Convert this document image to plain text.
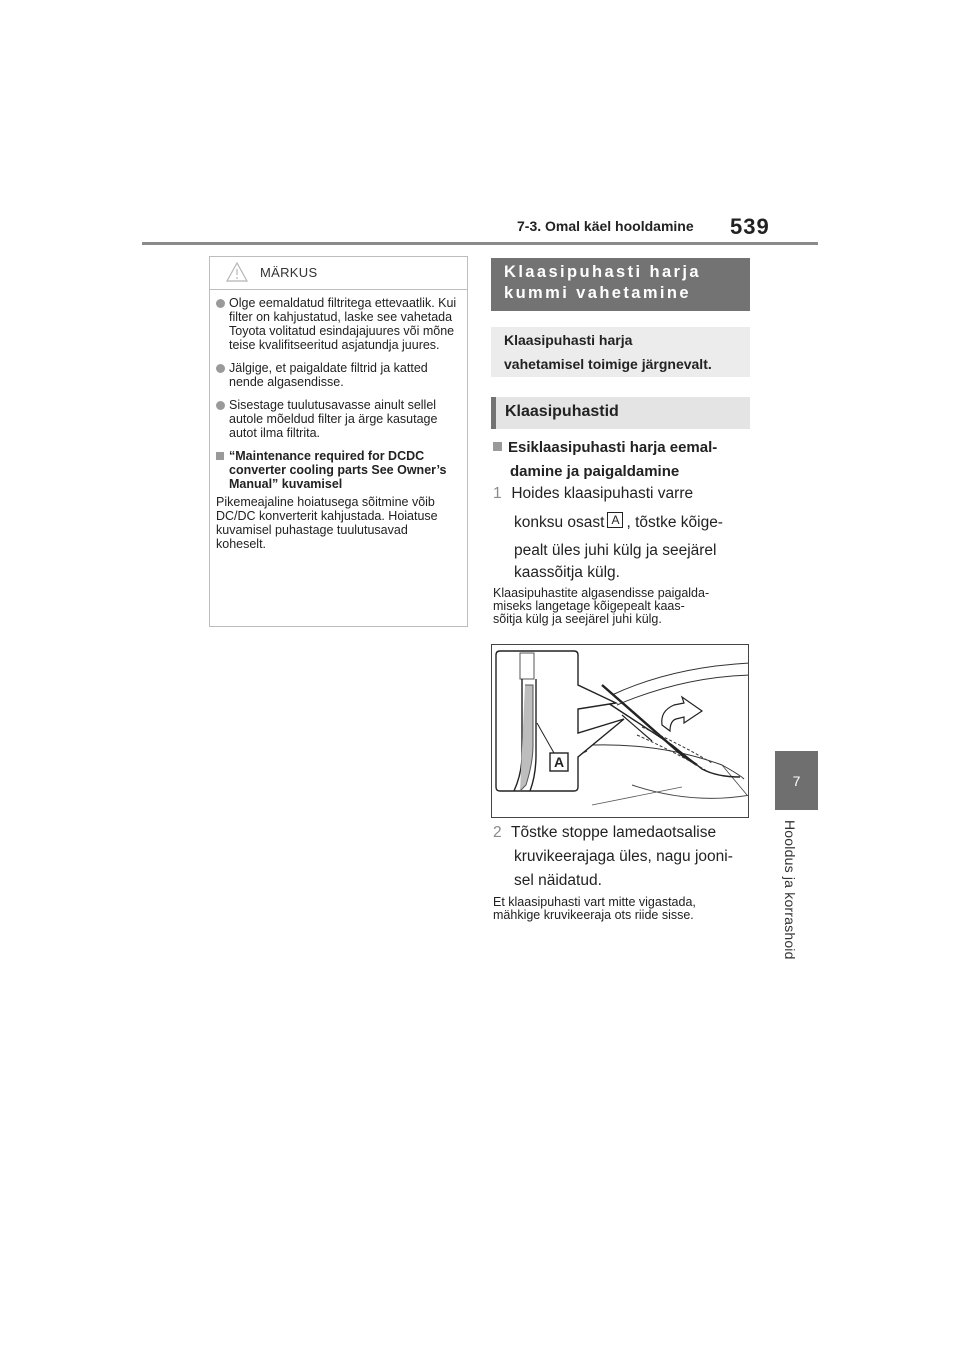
7-3. Omal käel hooldamine 539
7
Hooldus ja korrashoid
MÄRKUS
Olge eemaldatud filtritega ettevaatlik. Kui filter on kahjustatud, laske see vahetada Toyota volitatud esindajajuures või mõne teise kvalifitseeritud asjatundja juures.
Jälgige, et paigaldate filtrid ja katted nende algasendisse.
Sisestage tuulutusavasse ainult sellel autole mõeldud filter ja ärge kasutage autot ilma filtrita.
“Maintenance required for DCDC converter cooling parts See Owner’s Manual” kuvamisel
Pikemeajaline hoiatusega sõitmine võib DC/DC konverterit kahjustada. Hoiatuse kuvamisel puhastage tuulutusavad koheselt.
Klaasipuhasti harja
kummi vahetamine
Klaasipuhasti harja
vahetamisel toimige järgnevalt.
Klaasipuhastid
Esiklaasipuhasti harja eemal-
damine ja paigaldamine
1 Hoides klaasipuhasti varre
konksu osast A , tõstke kõige-
pealt üles juhi külg ja seejärel
kaassõitja külg.
Klaasipuhastite algasendisse paigalda-
miseks langetage kõigepealt kaas-
sõitja külg ja seejärel juhi külg.
A
2 Tõstke stoppe lamedaotsalise
kruvikeerajaga üles, nagu jooni-
sel näidatud.
Et klaasipuhasti vart mitte vigastada,
mähkige kruvikeeraja ots riide sisse.
